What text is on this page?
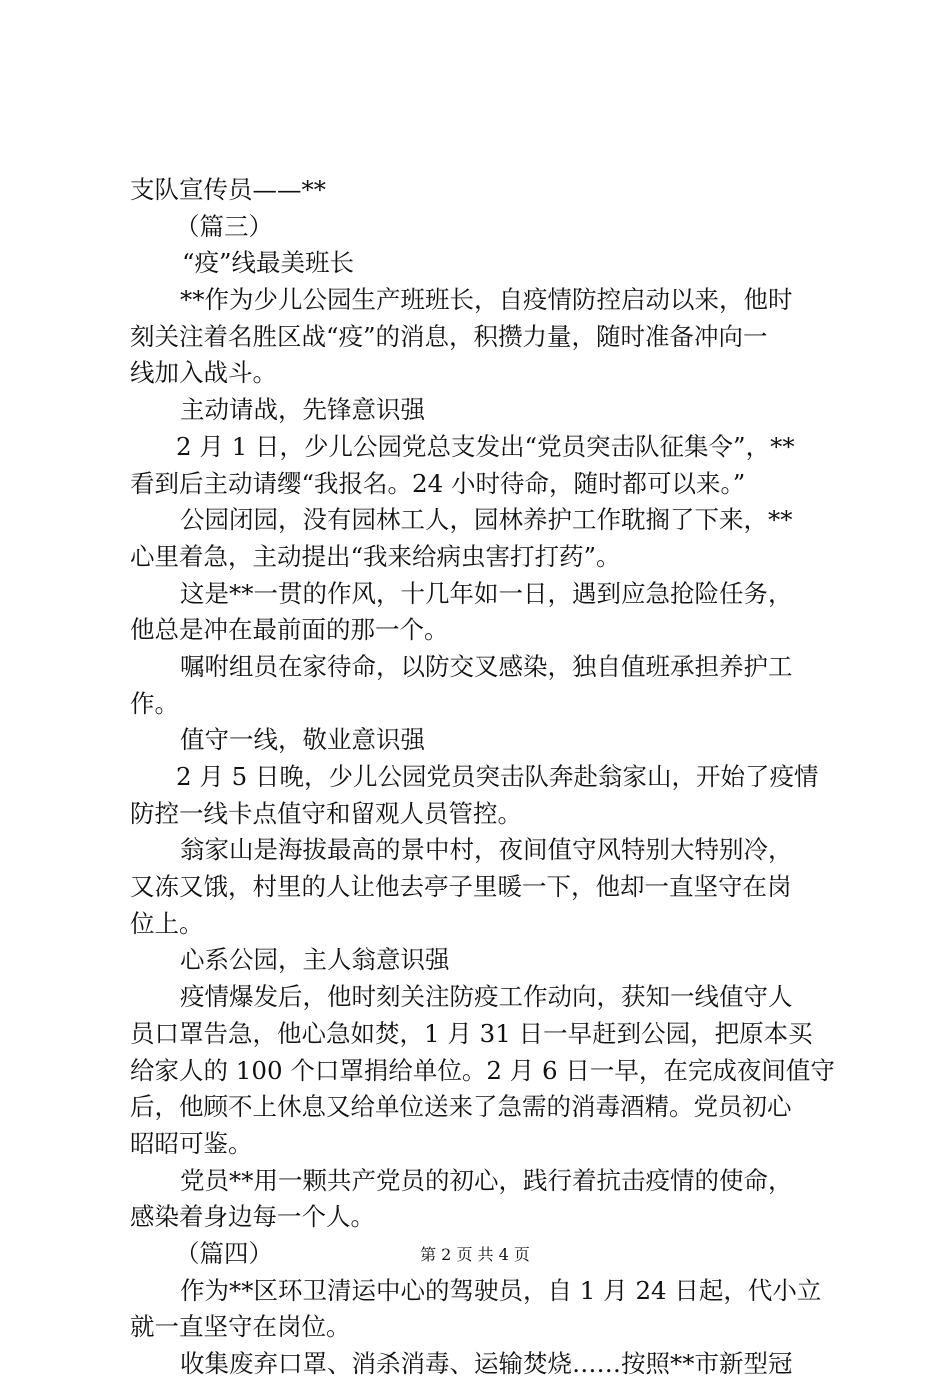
支队宣传员——**
（篇三）
“疫”线最美班长
**作为少儿公园生产班班长，自疫情防控启动以来，他时
刻关注着名胜区战“疫”的消息，积攒力量，随时准备冲向一
线加入战斗。
主动请战，先锋意识强
2 月 1 日，少儿公园党总支发出“党员突击队征集令”，**
看到后主动请缨“我报名。24 小时待命，随时都可以来。”
公园闭园，没有园林工人，园林养护工作耽搁了下来，**
心里着急，主动提出“我来给病虫害打打药”。
这是**一贯的作风，十几年如一日，遇到应急抢险任务，
他总是冲在最前面的那一个。
嘱咐组员在家待命，以防交叉感染，独自值班承担养护工
作。
值守一线，敬业意识强
2 月 5 日晚，少儿公园党员突击队奔赴翁家山，开始了疫情
防控一线卡点值守和留观人员管控。
翁家山是海拔最高的景中村，夜间值守风特别大特别冷，
又冻又饿，村里的人让他去亭子里暖一下，他却一直坚守在岗
位上。
心系公园，主人翁意识强
疫情爆发后，他时刻关注防疫工作动向，获知一线值守人
员口罩告急，他心急如焚，1 月 31 日一早赶到公园，把原本买
给家人的 100 个口罩捐给单位。2 月 6 日一早，在完成夜间值守
后，他顾不上休息又给单位送来了急需的消毒酒精。党员初心
昭昭可鉴。
党员**用一颗共产党员的初心，践行着抗击疫情的使命，
感染着身边每一个人。
（篇四）
作为**区环卫清运中心的驾驶员，自 1 月 24 日起，代小立
就一直坚守在岗位。
收集废弃口罩、消杀消毒、运输焚烧……按照**市新型冠
第 2 页 共 4 页
